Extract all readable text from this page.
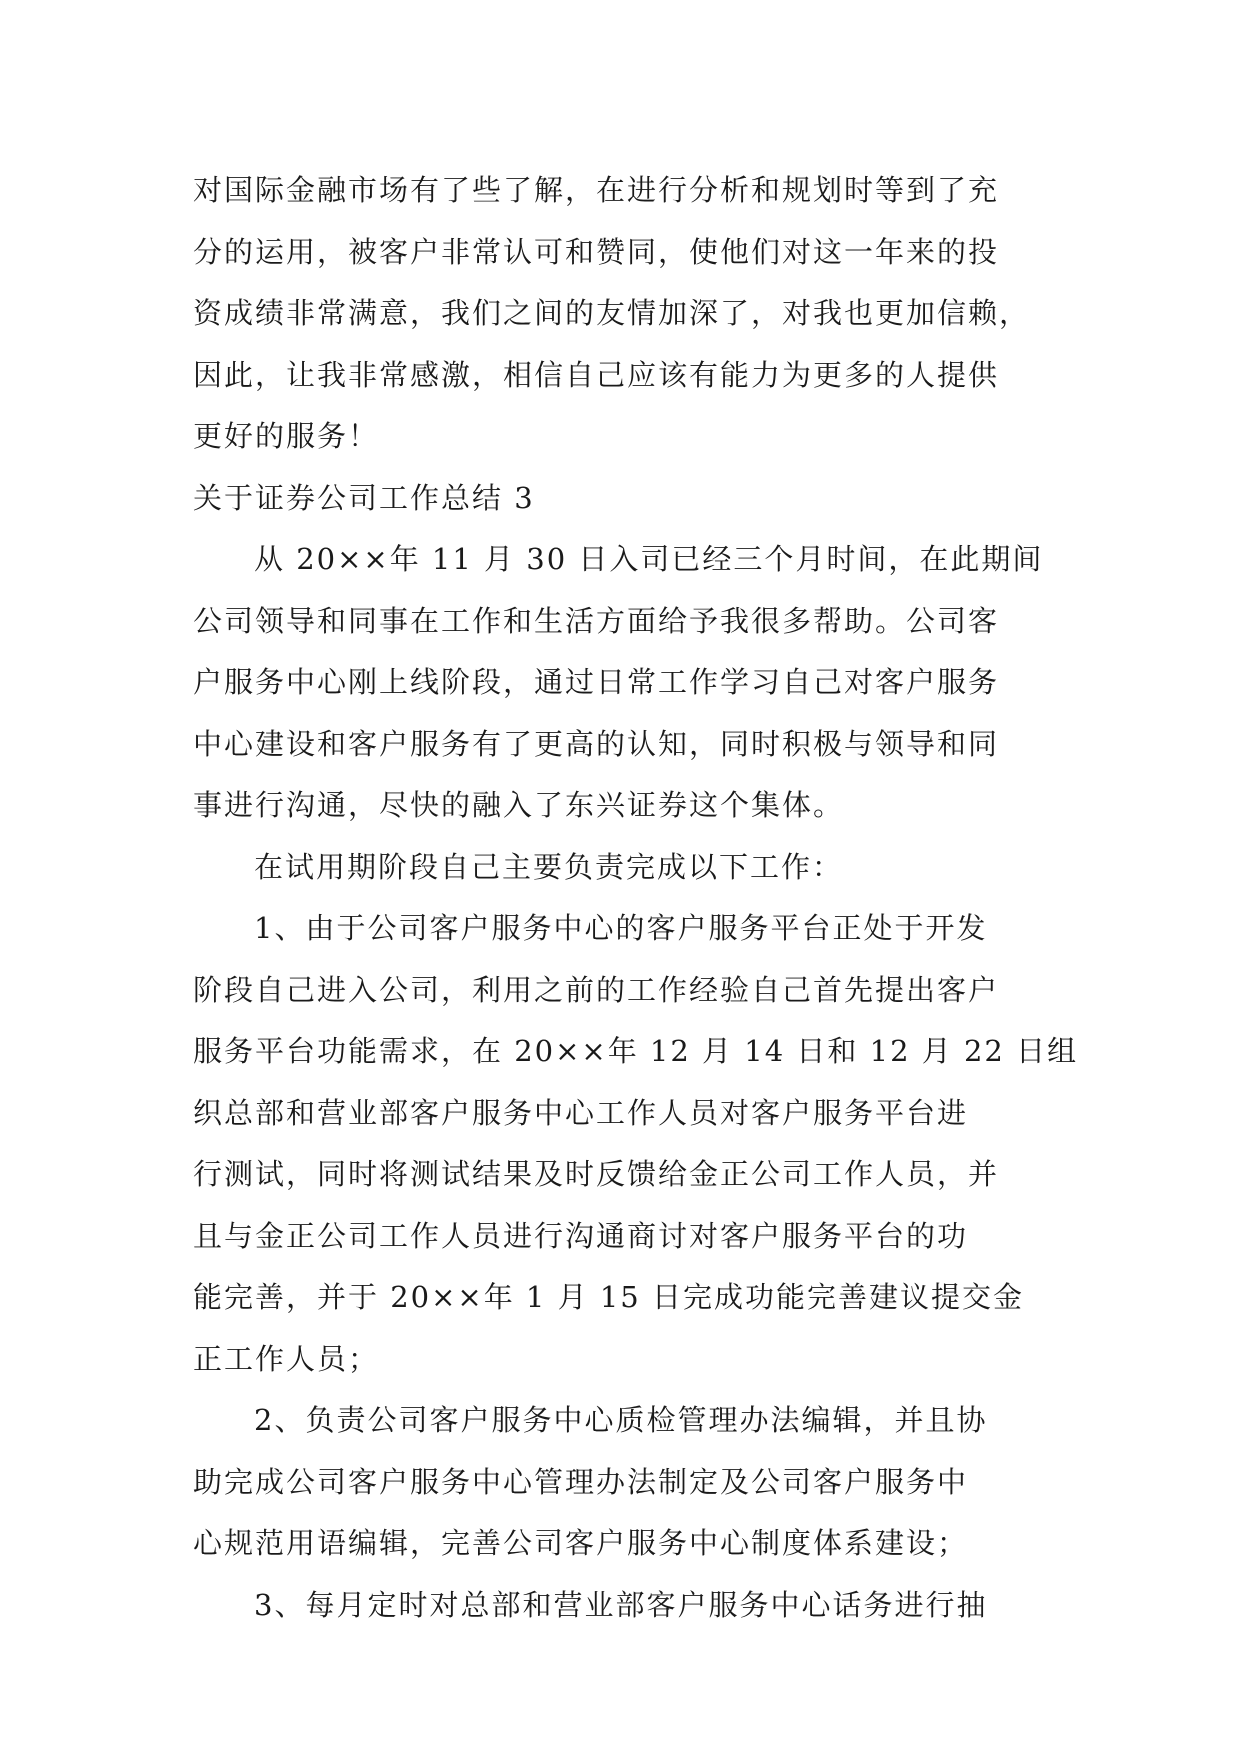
对国际金融市场有了些了解，在进行分析和规划时等到了充
分的运用，被客户非常认可和赞同，使他们对这一年来的投
资成绩非常满意，我们之间的友情加深了，对我也更加信赖，
因此，让我非常感激，相信自己应该有能力为更多的人提供
更好的服务！
关于证券公司工作总结 3
从 20××年 11 月 30 日入司已经三个月时间，在此期间
公司领导和同事在工作和生活方面给予我很多帮助。公司客
户服务中心刚上线阶段，通过日常工作学习自己对客户服务
中心建设和客户服务有了更高的认知，同时积极与领导和同
事进行沟通，尽快的融入了东兴证券这个集体。
在试用期阶段自己主要负责完成以下工作：
1、由于公司客户服务中心的客户服务平台正处于开发
阶段自己进入公司，利用之前的工作经验自己首先提出客户
服务平台功能需求，在 20××年 12 月 14 日和 12 月 22 日组
织总部和营业部客户服务中心工作人员对客户服务平台进
行测试，同时将测试结果及时反馈给金正公司工作人员，并
且与金正公司工作人员进行沟通商讨对客户服务平台的功
能完善，并于 20××年 1 月 15 日完成功能完善建议提交金
正工作人员；
2、负责公司客户服务中心质检管理办法编辑，并且协
助完成公司客户服务中心管理办法制定及公司客户服务中
心规范用语编辑，完善公司客户服务中心制度体系建设；
3、每月定时对总部和营业部客户服务中心话务进行抽
